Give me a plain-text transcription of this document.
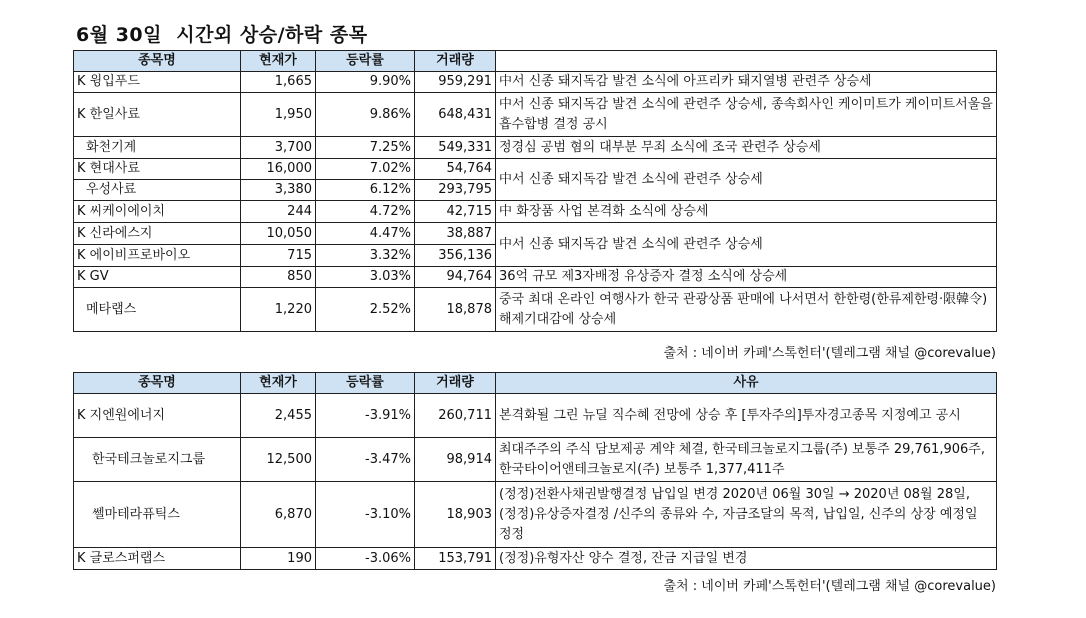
6월 30일  시간외 상승/하락 종목
종목명	현재가	등락률	거래량	
K 윙입푸드	1,665	9.90%	959,291	中서 신종 돼지독감 발견 소식에 아프리카 돼지열병 관련주 상승세
K 한일사료	1,950	9.86%	648,431	中서 신종 돼지독감 발견 소식에 관련주 상승세, 종속회사인 케이미트가 케이미트서울을 흡수합병 결정 공시
화천기계	3,700	7.25%	549,331	정경심 공범 혐의 대부분 무죄 소식에 조국 관련주 상승세
K 현대사료	16,000	7.02%	54,764	中서 신종 돼지독감 발견 소식에 관련주 상승세
우성사료	3,380	6.12%	293,795	
K 씨케이에이치	244	4.72%	42,715	中 화장품 사업 본격화 소식에 상승세
K 신라에스지	10,050	4.47%	38,887	中서 신종 돼지독감 발견 소식에 관련주 상승세
K 에이비프로바이오	715	3.32%	356,136	
K GV	850	3.03%	94,764	36억 규모 제3자배정 유상증자 결정 소식에 상승세
메타랩스	1,220	2.52%	18,878	중국 최대 온라인 여행사가 한국 관광상품 판매에 나서면서 한한령(한류제한령·限韓令) 해제기대감에 상승세
출처 : 네이버 카페'스톡헌터'(텔레그램 채널 @corevalue)
종목명	현재가	등락률	거래량	사유
K 지엔원에너지	2,455	-3.91%	260,711	본격화될 그린 뉴딜 직수혜 전망에 상승 후 [투자주의]투자경고종목 지정예고 공시
한국테크놀로지그룹	12,500	-3.47%	98,914	최대주주의 주식 담보제공 계약 체결, 한국테크놀로지그룹(주) 보통주 29,761,906주, 한국타이어앤테크놀로지(주) 보통주 1,377,411주
쎌마테라퓨틱스	6,870	-3.10%	18,903	(정정)전환사채권발행결정 납입일 변경 2020년 06월 30일 → 2020년 08월 28일, (정정)유상증자결정 /신주의 종류와 수, 자금조달의 목적, 납입일, 신주의 상장 예정일 정정
K 글로스퍼랩스	190	-3.06%	153,791	(정정)유형자산 양수 결정, 잔금 지급일 변경
출처 : 네이버 카페'스톡헌터'(텔레그램 채널 @corevalue)
